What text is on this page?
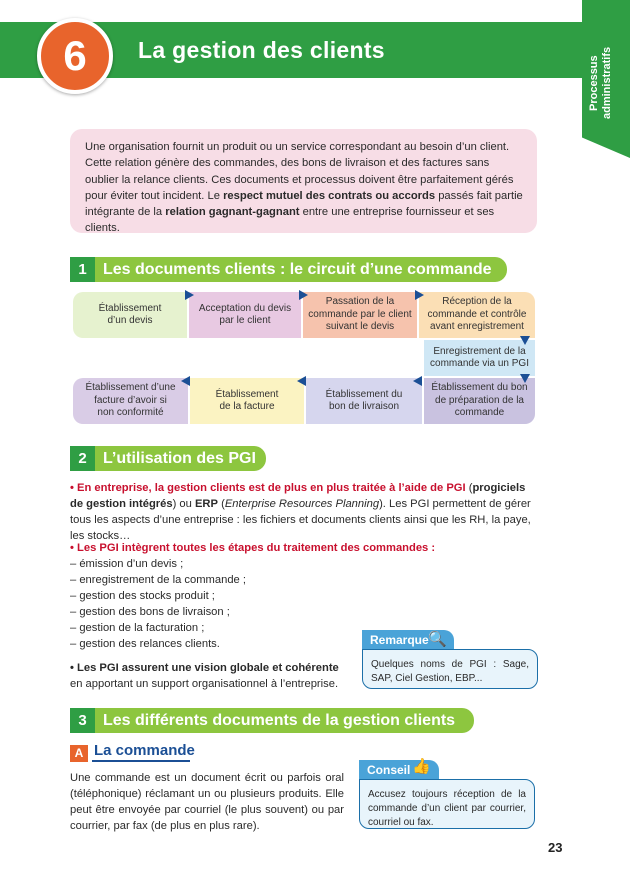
La gestion des clients
6	Processus administratifs
Une organisation fournit un produit ou un service correspondant au besoin d’un client. Cette relation génère des commandes, des bons de livraison et des factures sans oublier la relance clients. Ces documents et processus doivent être parfaitement gérés pour éviter tout incident. Le respect mutuel des contrats ou accords passés fait partie intégrante de la relation gagnant-gagnant entre une entreprise fournisseur et ses clients.
1	Les documents clients : le circuit d’une commande
Établissement d’un devis
Acceptation du devis par le client
Passation de la commande par le client suivant le devis
Réception de la commande et contrôle avant enregistrement
Enregistrement de la commande via un PGI
Établissement du bon de préparation de la commande
Établissement du bon de livraison
Établissement de la facture
Établissement d’une facture d’avoir si non conformité
2	L’utilisation des PGI
• En entreprise, la gestion clients est de plus en plus traitée à l’aide de PGI (progiciels de gestion intégrés) ou ERP (Enterprise Resources Planning). Les PGI permettent de gérer tous les aspects d’une entreprise : les fichiers et documents clients ainsi que les RH, la paye, les stocks…
• Les PGI intègrent toutes les étapes du traitement des commandes :
– émission d’un devis ;
– enregistrement de la commande ;
– gestion des stocks produit ;
– gestion des bons de livraison ;
– gestion de la facturation ;
– gestion des relances clients.
• Les PGI assurent une vision globale et cohérente
en apportant un support organisationnel à l’entreprise.
Remarque 🔍
Quelques noms de PGI : Sage, SAP, Ciel Gestion, EBP...
3	Les différents documents de la gestion clients
A La commande
Une commande est un document écrit ou parfois oral (téléphonique) réclamant un ou plusieurs produits. Elle peut être envoyée par courriel (le plus souvent) ou par courrier, par fax (de plus en plus rare).
Conseil 👍
Accusez toujours réception de la commande d’un client par courrier, courriel ou fax.
23
